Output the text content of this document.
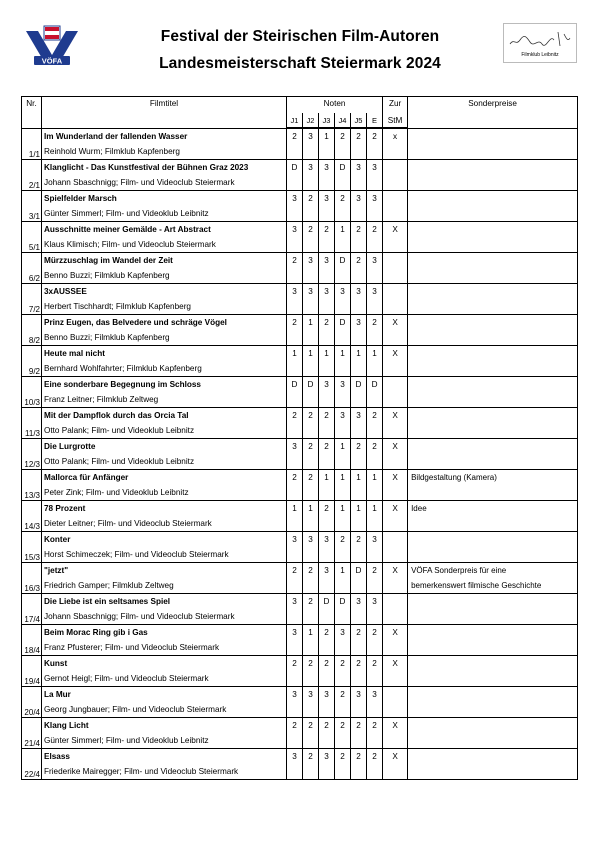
VÖFA
Festival der Steirischen Film-Autoren
Landesmeisterschaft Steiermark 2024	Filmklub Leibnitz
Nr.	Filmtitel	Noten						Zur	Sonderpreise
		J1	J2	J3	J4	J5	E	StM	
1/1	Im Wunderland der fallenden Wasser	2	3	1	2	2	2	x	
	Reinhold Wurm; Filmklub Kapfenberg								
2/1	Klanglicht - Das Kunstfestival der Bühnen Graz 2023	D	3	3	D	3	3		
	Johann Sbaschnigg; Film- und Videoclub Steiermark								
3/1	Spielfelder Marsch	3	2	3	2	3	3		
	Günter Simmerl; Film- und Videoklub Leibnitz								
5/1	Ausschnitte meiner Gemälde - Art Abstract	3	2	2	1	2	2	X	
	Klaus Klimisch; Film- und Videoclub Steiermark								
6/2	Mürzzuschlag im Wandel der Zeit	2	3	3	D	2	3		
	Benno Buzzi; Filmklub Kapfenberg								
7/2	3xAUSSEE	3	3	3	3	3	3		
	Herbert Tischhardt; Filmklub Kapfenberg								
8/2	Prinz Eugen, das Belvedere und schräge Vögel	2	1	2	D	3	2	X	
	Benno Buzzi; Filmklub Kapfenberg								
9/2	Heute mal nicht	1	1	1	1	1	1	X	
	Bernhard Wohlfahrter; Filmklub Kapfenberg								
10/3	Eine sonderbare Begegnung im Schloss	D	D	3	3	D	D		
	Franz Leitner; Filmklub Zeltweg								
11/3	Mit der Dampflok durch das Orcia Tal	2	2	2	3	3	2	X	
	Otto Palank; Film- und Videoklub Leibnitz								
12/3	Die Lurgrotte	3	2	2	1	2	2	X	
	Otto Palank; Film- und Videoklub Leibnitz								
13/3	Mallorca für Anfänger	2	2	1	1	1	1	X	Bildgestaltung (Kamera)
	Peter Zink; Film- und Videoklub Leibnitz								
14/3	78 Prozent	1	1	2	1	1	1	X	Idee
	Dieter Leitner; Film- und Videoclub Steiermark								
15/3	Konter	3	3	3	2	2	3		
	Horst Schimeczek; Film- und Videoclub Steiermark								
16/3	"jetzt"	2	2	3	1	D	2	X	VÖFA Sonderpreis für eine
	Friedrich Gamper; Filmklub Zeltweg								bemerkenswert filmische Geschichte
17/4	Die Liebe ist ein seltsames Spiel	3	2	D	D	3	3		
	Johann Sbaschnigg; Film- und Videoclub Steiermark								
18/4	Beim Morac Ring gib i Gas	3	1	2	3	2	2	X	
	Franz Pfusterer; Film- und Videoclub Steiermark								
19/4	Kunst	2	2	2	2	2	2	X	
	Gernot Heigl; Film- und Videoclub Steiermark								
20/4	La Mur	3	3	3	2	3	3		
	Georg Jungbauer; Film- und Videoclub Steiermark								
21/4	Klang Licht	2	2	2	2	2	2	X	
	Günter Simmerl; Film- und Videoklub Leibnitz								
22/4	Elsass	3	2	3	2	2	2	X	
	Friederike Mairegger; Film- und Videoclub Steiermark								
